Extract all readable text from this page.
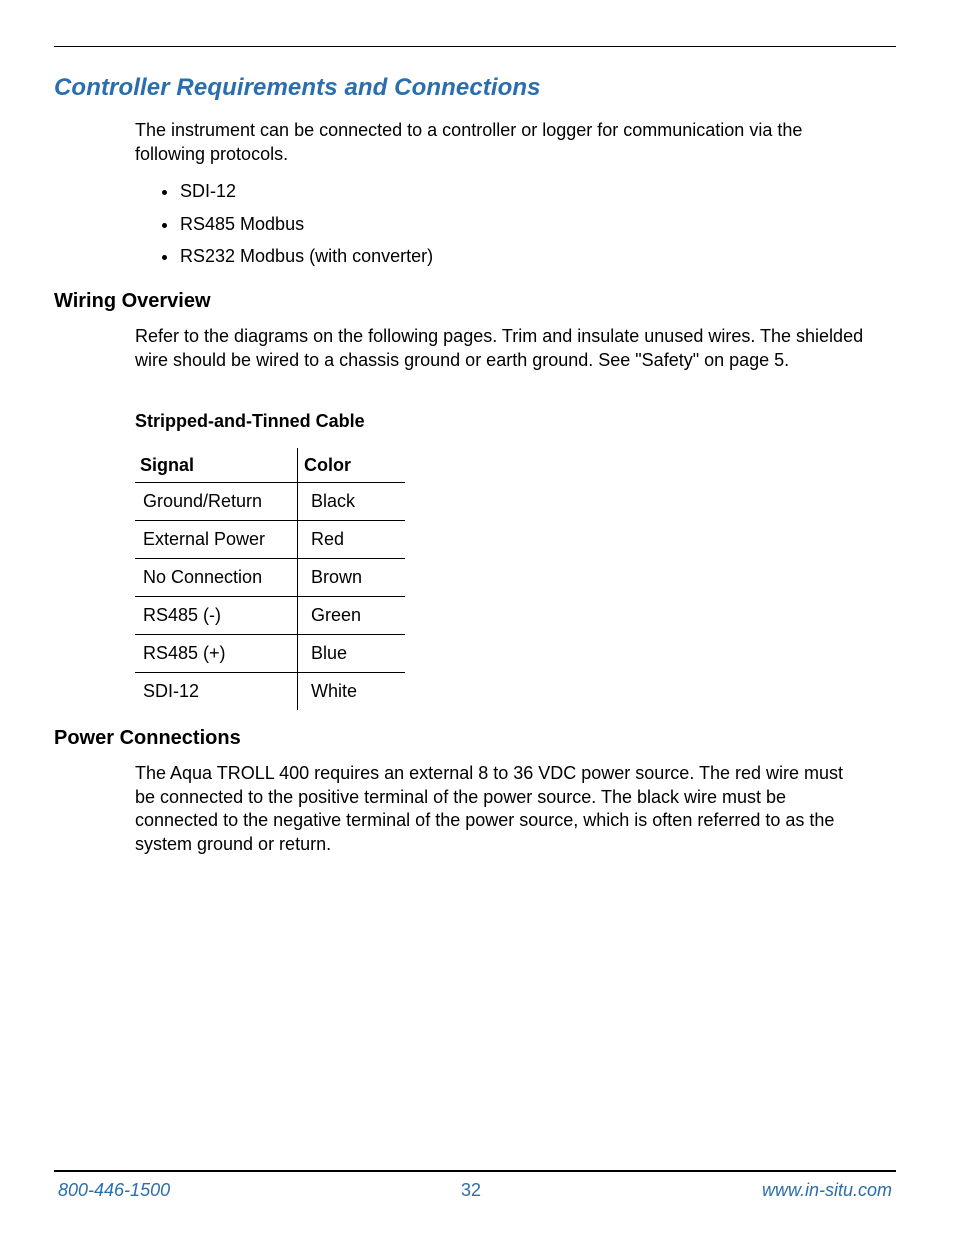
Controller Requirements and Connections

The instrument can be connected to a controller or logger for communication via the following protocols.

SDI-12
RS485 Modbus
RS232 Modbus (with converter)
Wiring Overview

Refer to the diagrams on the following pages. Trim and insulate unused wires. The shielded wire should be wired to a chassis ground or earth ground. See "Safety" on page 5.

Stripped-and-Tinned Cable
Signal	Color
Ground/Return	Black
External Power	Red
No Connection	Brown
RS485 (-)	Green
RS485 (+)	Blue
SDI-12	White
Power Connections

The Aqua TROLL 400 requires an external 8 to 36 VDC power source. The red wire must be connected to the positive terminal of the power source. The black wire must be connected to the negative terminal of the power source, which is often referred to as the system ground or return.

800-446-1500	32	www.in-situ.com
